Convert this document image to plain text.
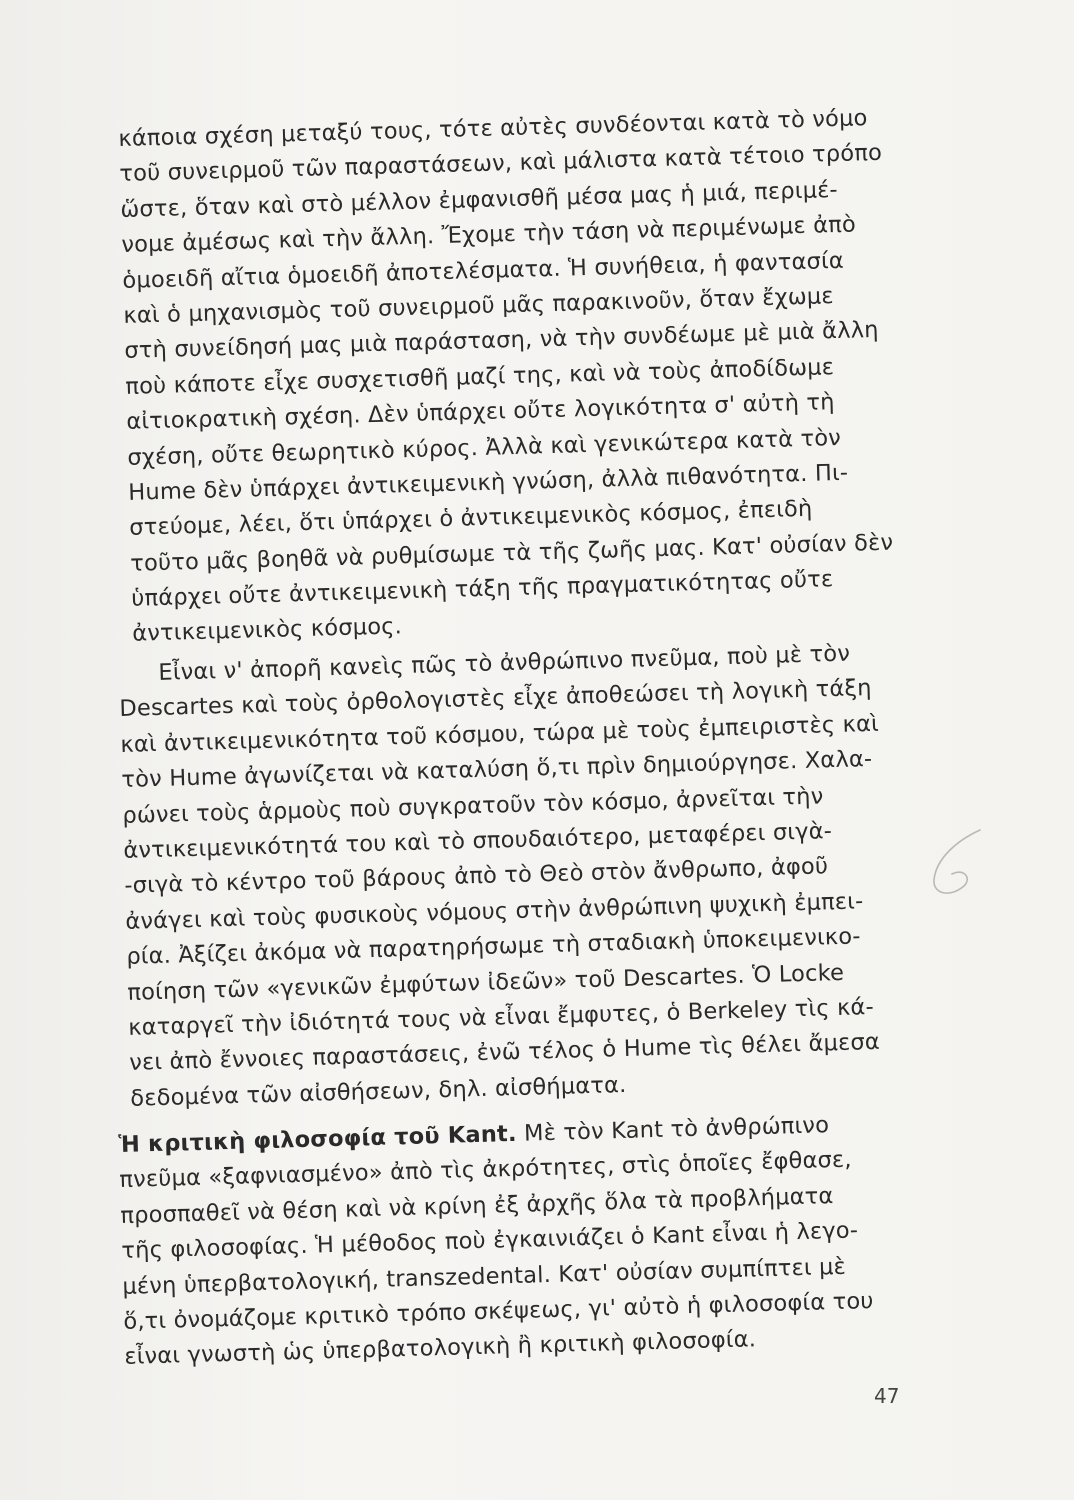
κάποια σχέση μεταξύ τους, τότε αὐτὲς συνδέονται κατὰ τὸ νόμο
τοῦ συνειρμοῦ τῶν παραστάσεων, καὶ μάλιστα κατὰ τέτοιο τρόπο
ὥστε, ὅταν καὶ στὸ μέλλον ἐμφανισθῆ μέσα μας ἡ μιά, περιμέ-
νομε ἀμέσως καὶ τὴν ἄλλη. Ἔχομε τὴν τάση νὰ περιμένωμε ἀπὸ
ὁμοειδῆ αἴτια ὁμοειδῆ ἀποτελέσματα. Ἡ συνήθεια, ἡ φαντασία
καὶ ὁ μηχανισμὸς τοῦ συνειρμοῦ μᾶς παρακινοῦν, ὅταν ἔχωμε
στὴ συνείδησή μας μιὰ παράσταση, νὰ τὴν συνδέωμε μὲ μιὰ ἄλλη
ποὺ κάποτε εἶχε συσχετισθῆ μαζί της, καὶ νὰ τοὺς ἀποδίδωμε
αἰτιοκρατικὴ σχέση. Δὲν ὑπάρχει οὔτε λογικότητα σ' αὐτὴ τὴ
σχέση, οὔτε θεωρητικὸ κύρος. Ἀλλὰ καὶ γενικώτερα κατὰ τὸν
Hume δὲν ὑπάρχει ἀντικειμενικὴ γνώση, ἀλλὰ πιθανότητα. Πι-
στεύομε, λέει, ὅτι ὑπάρχει ὁ ἀντικειμενικὸς κόσμος, ἐπειδὴ
τοῦτο μᾶς βοηθᾶ νὰ ρυθμίσωμε τὰ τῆς ζωῆς μας. Κατ' οὐσίαν δὲν
ὑπάρχει οὔτε ἀντικειμενικὴ τάξη τῆς πραγματικότητας οὔτε
ἀντικειμενικὸς κόσμος.
Εἶναι ν' ἀπορῆ κανεὶς πῶς τὸ ἀνθρώπινο πνεῦμα, ποὺ μὲ τὸν
Descartes καὶ τοὺς ὀρθολογιστὲς εἶχε ἀποθεώσει τὴ λογικὴ τάξη
καὶ ἀντικειμενικότητα τοῦ κόσμου, τώρα μὲ τοὺς ἐμπειριστὲς καὶ
τὸν Hume ἀγωνίζεται νὰ καταλύση ὅ,τι πρὶν δημιούργησε. Χαλα-
ρώνει τοὺς ἁρμοὺς ποὺ συγκρατοῦν τὸν κόσμο, ἀρνεῖται τὴν
ἀντικειμενικότητά του καὶ τὸ σπουδαιότερο, μεταφέρει σιγὰ-
-σιγὰ τὸ κέντρο τοῦ βάρους ἀπὸ τὸ Θεὸ στὸν ἄνθρωπο, ἀφοῦ
ἀνάγει καὶ τοὺς φυσικοὺς νόμους στὴν ἀνθρώπινη ψυχικὴ ἐμπει-
ρία. Ἀξίζει ἀκόμα νὰ παρατηρήσωμε τὴ σταδιακὴ ὑποκειμενικο-
ποίηση τῶν «γενικῶν ἐμφύτων ἰδεῶν» τοῦ Descartes. Ὁ Locke
καταργεῖ τὴν ἰδιότητά τους νὰ εἶναι ἔμφυτες, ὁ Berkeley τὶς κά-
νει ἀπὸ ἔννοιες παραστάσεις, ἐνῶ τέλος ὁ Hume τὶς θέλει ἄμεσα
δεδομένα τῶν αἰσθήσεων, δηλ. αἰσθήματα.
Ἡ κριτικὴ φιλοσοφία τοῦ Kant. Μὲ τὸν Kant τὸ ἀνθρώπινο
πνεῦμα «ξαφνιασμένο» ἀπὸ τὶς ἀκρότητες, στὶς ὁποῖες ἔφθασε,
προσπαθεῖ νὰ θέση καὶ νὰ κρίνη ἐξ ἀρχῆς ὅλα τὰ προβλήματα
τῆς φιλοσοφίας. Ἡ μέθοδος ποὺ ἐγκαινιάζει ὁ Kant εἶναι ἡ λεγο-
μένη ὑπερβατολογική, transzedental. Κατ' οὐσίαν συμπίπτει μὲ
ὅ,τι ὀνομάζομε κριτικὸ τρόπο σκέψεως, γι' αὐτὸ ἡ φιλοσοφία του
εἶναι γνωστὴ ὡς ὑπερβατολογικὴ ἢ κριτικὴ φιλοσοφία.
47
